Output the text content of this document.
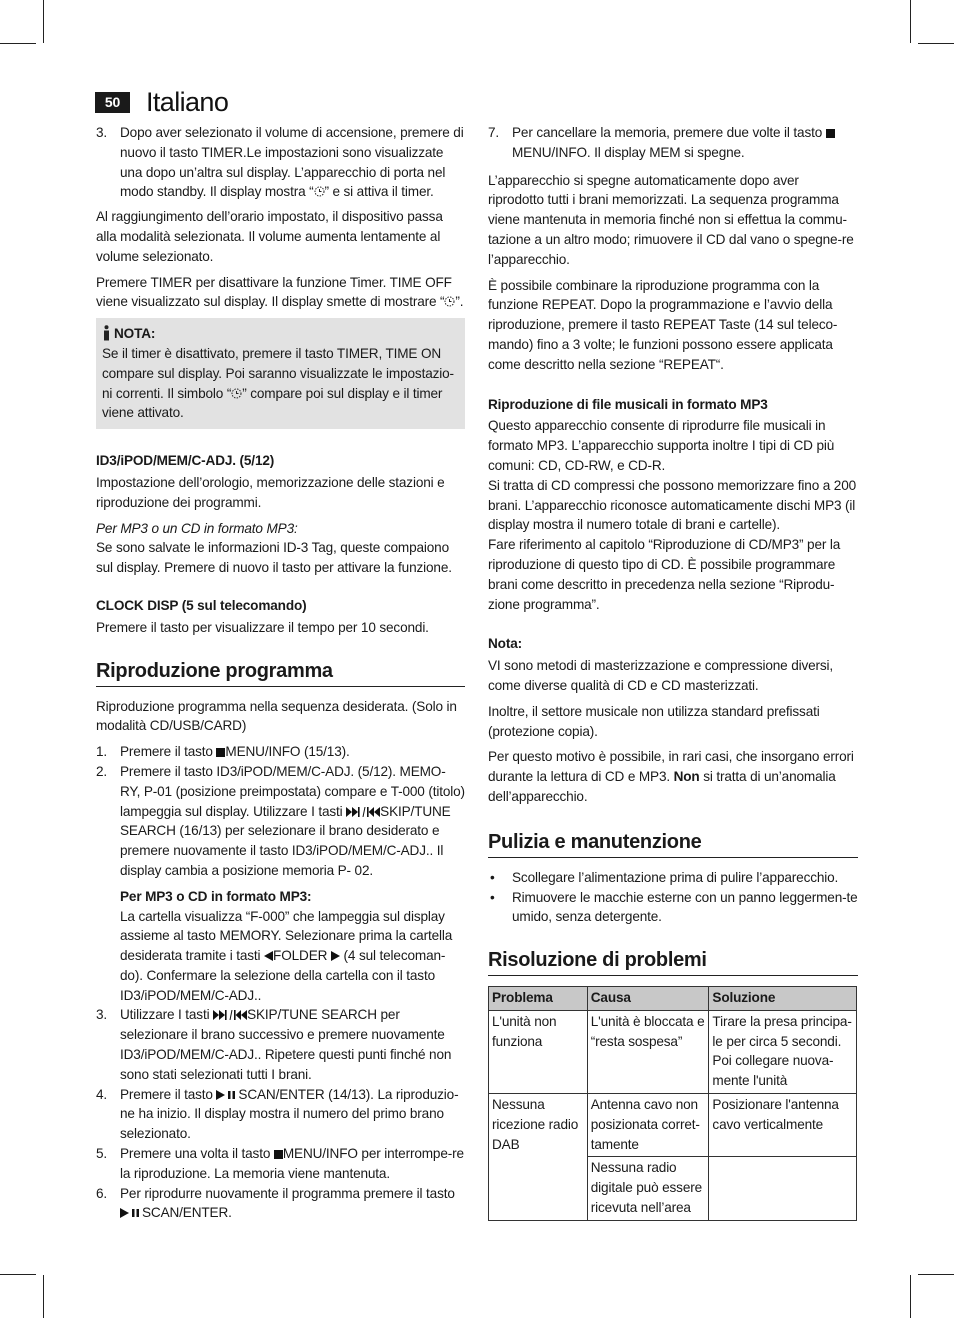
50 Italiano
3. Dopo aver selezionato il volume di accensione, premere di nuovo il tasto TIMER.Le impostazioni sono visualizzate una dopo un’altra sul display. L’apparecchio di porta nel modo standby. Il display mostra “ ” e si attiva il timer.

Al raggiungimento dell’orario impostato, il dispositivo passa alla modalità selezionata. Il volume aumenta lentamente al volume selezionato.

Premere TIMER per disattivare la funzione Timer. TIME OFF viene visualizzato sul display. Il display smette di mostrare “ ”.

NOTA:
Se il timer è disattivato, premere il tasto TIMER, TIME ON compare sul display. Poi saranno visualizzate le impostazio-ni correnti. Il simbolo “ ” compare poi sul display e il timer viene attivato.
ID3/iPOD/MEM/C-ADJ. (5/12)

Impostazione dell’orologio, memorizzazione delle stazioni e riproduzione dei programmi.

Per MP3 o un CD in formato MP3:

Se sono salvate le informazioni ID-3 Tag, queste compaiono sul display. Premere di nuovo il tasto per attivare la funzione.

CLOCK DISP (5 sul telecomando)

Premere il tasto per visualizzare il tempo per 10 secondi.

Riproduzione programma

Riproduzione programma nella sequenza desiderata. (Solo in modalità CD/USB/CARD)

1. Premere il tasto MENU/INFO (15/13).
2. Premere il tasto ID3/iPOD/MEM/C-ADJ. (5/12). MEMO-RY, P-01 (posizione preimpostata) compare e T-000 (titolo) lampeggia sul display. Utilizzare I tasti	SKIP/TUNE SEARCH (16/13) per selezionare il brano desiderato e premere nuovamente il tasto ID3/iPOD/MEM/C-ADJ.. Il display cambia a posizione memoria P- 02.
Per MP3 o CD in formato MP3:
La cartella visualizza “F-000” che lampeggia sul display assieme al tasto MEMORY. Selezionare prima la cartella desiderata tramite i tasti FOLDER  (4 sul telecoman-do). Confermare la selezione della cartella con il tasto ID3/iPOD/MEM/C-ADJ..
3. Utilizzare I tasti	SKIP/TUNE SEARCH per selezionare il brano successivo e premere nuovamente ID3/iPOD/MEM/C-ADJ.. Ripetere questi punti finché non sono stati selezionati tutti I brani.
4. Premere il tasto SCAN/ENTER (14/13). La riproduzio-ne ha inizio. Il display mostra il numero del primo brano selezionato.
5. Premere una volta il tasto MENU/INFO per interrompe-re la riproduzione. La memoria viene mantenuta.
6. Per riprodurre nuovamente il programma premere il tasto SCAN/ENTER.
7. Per cancellare la memoria, premere due volte il tasto  MENU/INFO. Il display MEM si spegne.

L’apparecchio si spegne automaticamente dopo aver riprodotto tutti i brani memorizzati. La sequenza programma viene mantenuta in memoria finché non si effettua la commu-tazione a un altro modo; rimuovere il CD dal vano o spegne-re l’apparecchio.

È possibile combinare la riproduzione programma con la funzione REPEAT. Dopo la programmazione e l’avvio della riproduzione, premere il tasto REPEAT Taste (14 sul teleco-mando) fino a 3 volte; le funzioni possono essere applicata come descritto nella sezione “REPEAT“.

Riproduzione di file musicali in formato MP3
Questo apparecchio consente di riprodurre file musicali in formato MP3. L’apparecchio supporta inoltre I tipi di CD più comuni: CD, CD-RW, e CD-R.
Si tratta di CD compressi che possono memorizzare fino a 200 brani. L’apparecchio riconosce automaticamente dischi MP3 (il display mostra il numero totale di brani e cartelle).
Fare riferimento al capitolo “Riproduzione di CD/MP3” per la riproduzione di questo tipo di CD. È possibile programmare brani come descritto in precedenza nella sezione “Riprodu-zione programma”.
Nota:

VI sono metodi di masterizzazione e compressione diversi, come diverse qualità di CD e CD masterizzati.

Inoltre, il settore musicale non utilizza standard prefissati (protezione copia).

Per questo motivo è possibile, in rari casi, che insorgano errori durante la lettura di CD e MP3. Non si tratta di un’anomalia dell’apparecchio.

Pulizia e manutenzione
• Scollegare l’alimentazione prima di pulire l’apparecchio.
• Rimuovere le macchie esterne con un panno leggermen-te umido, senza detergente.
Risoluzione di problemi
Problema	Causa	Soluzione
L'unità non funziona	L'unità è bloccata e “resta sospesa”	Tirare la presa principa-le per circa 5 secondi. Poi collegare nuova-mente l'unità
Nessuna ricezione radio DAB	Antenna cavo non posizionata corret-tamente	Posizionare l'antenna cavo verticalmente
	Nessuna radio digitale può essere ricevuta nell’area	
